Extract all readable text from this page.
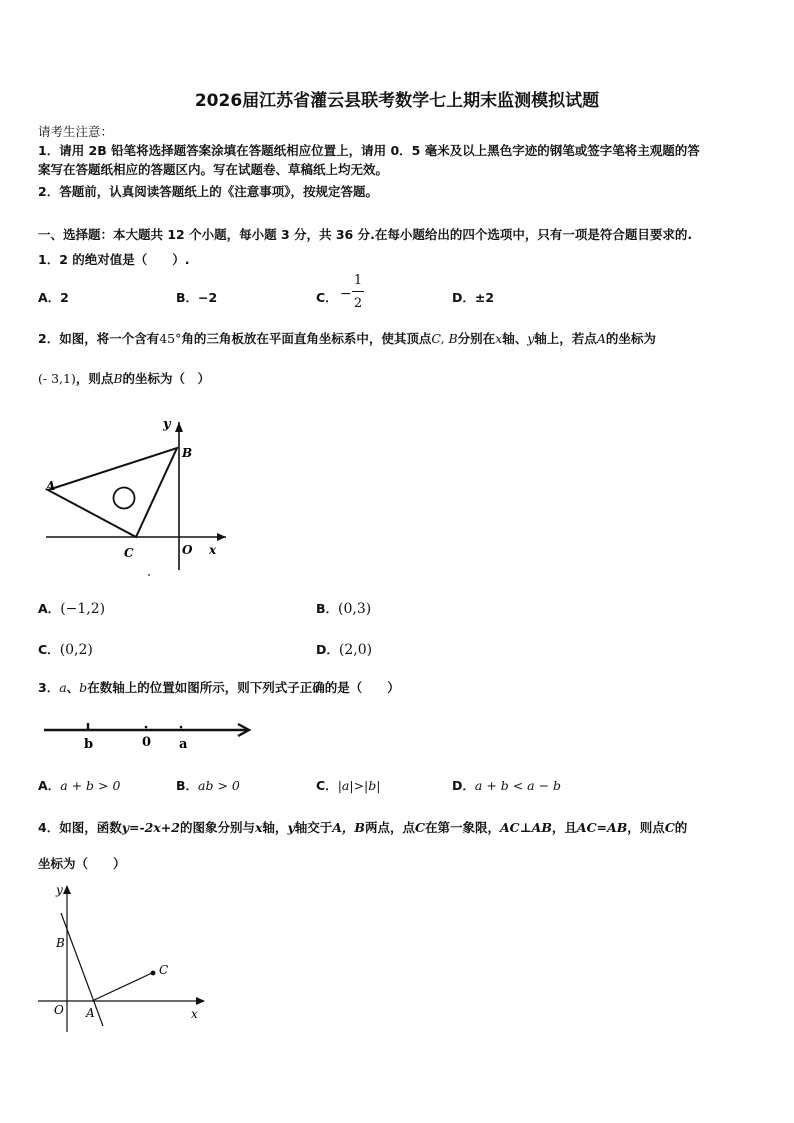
2026届江苏省灌云县联考数学七上期末监测模拟试题
请考生注意：
1．请用 2B 铅笔将选择题答案涂填在答题纸相应位置上，请用 0．5 毫米及以上黑色字迹的钢笔或签字笔将主观题的答
案写在答题纸相应的答题区内。写在试题卷、草稿纸上均无效。
2．答题前，认真阅读答题纸上的《注意事项》，按规定答题。
一、选择题：本大题共 12 个小题，每小题 3 分，共 36 分.在每小题给出的四个选项中，只有一项是符合题目要求的.
1．2 的绝对值是（　　）.
A．2	B．−2	C． −
1
2	D．±2
2．如图，将一个含有45°角的三角板放在平面直角坐标系中，使其顶点C, B分别在x轴、y轴上，若点A的坐标为
(- 3,1)，则点B的坐标为（　）
y
B
A
C	O x
A．(−1,2)	B．(0,3)
C．(0,2)	D．(2,0)
3．a、b在数轴上的位置如图所示，则下列式子正确的是（　　）
b	0 a
A．a + b > 0	B．ab > 0	C．|a|>|b|	D．a + b < a − b
4．如图，函数y=-2x+2的图象分别与x轴，y轴交于A，B两点，点C在第一象限，AC⊥AB，且AC=AB，则点C的
坐标为（　　）
y
B
C
O A	x
